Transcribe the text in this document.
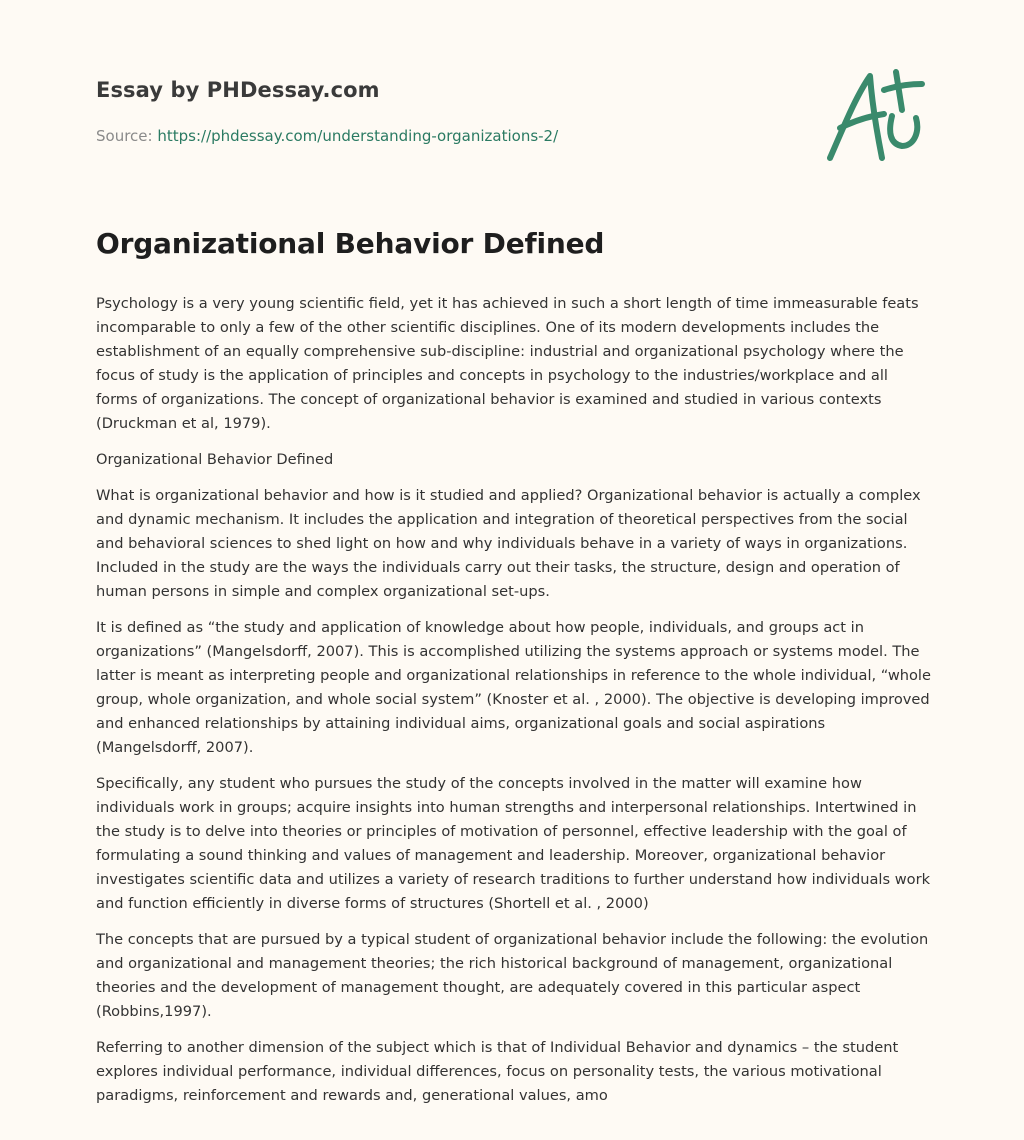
Essay by PHDessay.com
Source: https://phdessay.com/understanding-organizations-2/
Organizational Behavior Defined

Psychology is a very young scientific field, yet it has achieved in such a short length of time immeasurable feats incomparable to only a few of the other scientific disciplines. One of its modern developments includes the establishment of an equally comprehensive sub-discipline: industrial and organizational psychology where the focus of study is the application of principles and concepts in psychology to the industries/workplace and all forms of organizations. The concept of organizational behavior is examined and studied in various contexts (Druckman et al, 1979).

Organizational Behavior Defined

What is organizational behavior and how is it studied and applied? Organizational behavior is actually a complex and dynamic mechanism. It includes the application and integration of theoretical perspectives from the social and behavioral sciences to shed light on how and why individuals behave in a variety of ways in organizations. Included in the study are the ways the individuals carry out their tasks, the structure, design and operation of human persons in simple and complex organizational set-ups.

It is defined as “the study and application of knowledge about how people, individuals, and groups act in organizations” (Mangelsdorff, 2007). This is accomplished utilizing the systems approach or systems model. The latter is meant as interpreting people and organizational relationships in reference to the whole individual, “whole group, whole organization, and whole social system” (Knoster et al. , 2000). The objective is developing improved and enhanced relationships by attaining individual aims, organizational goals and social aspirations (Mangelsdorff, 2007).

Specifically, any student who pursues the study of the concepts involved in the matter will examine how individuals work in groups; acquire insights into human strengths and interpersonal relationships. Intertwined in the study is to delve into theories or principles of motivation of personnel, effective leadership with the goal of formulating a sound thinking and values of management and leadership. Moreover, organizational behavior investigates scientific data and utilizes a variety of research traditions to further understand how individuals work and function efficiently in diverse forms of structures (Shortell et al. , 2000)

The concepts that are pursued by a typical student of organizational behavior include the following: the evolution and organizational and management theories; the rich historical background of management, organizational theories and the development of management thought, are adequately covered in this particular aspect (Robbins,1997).

Referring to another dimension of the subject which is that of Individual Behavior and dynamics – the student explores individual performance, individual differences, focus on personality tests, the various motivational paradigms, reinforcement and rewards and, generational values, amo
